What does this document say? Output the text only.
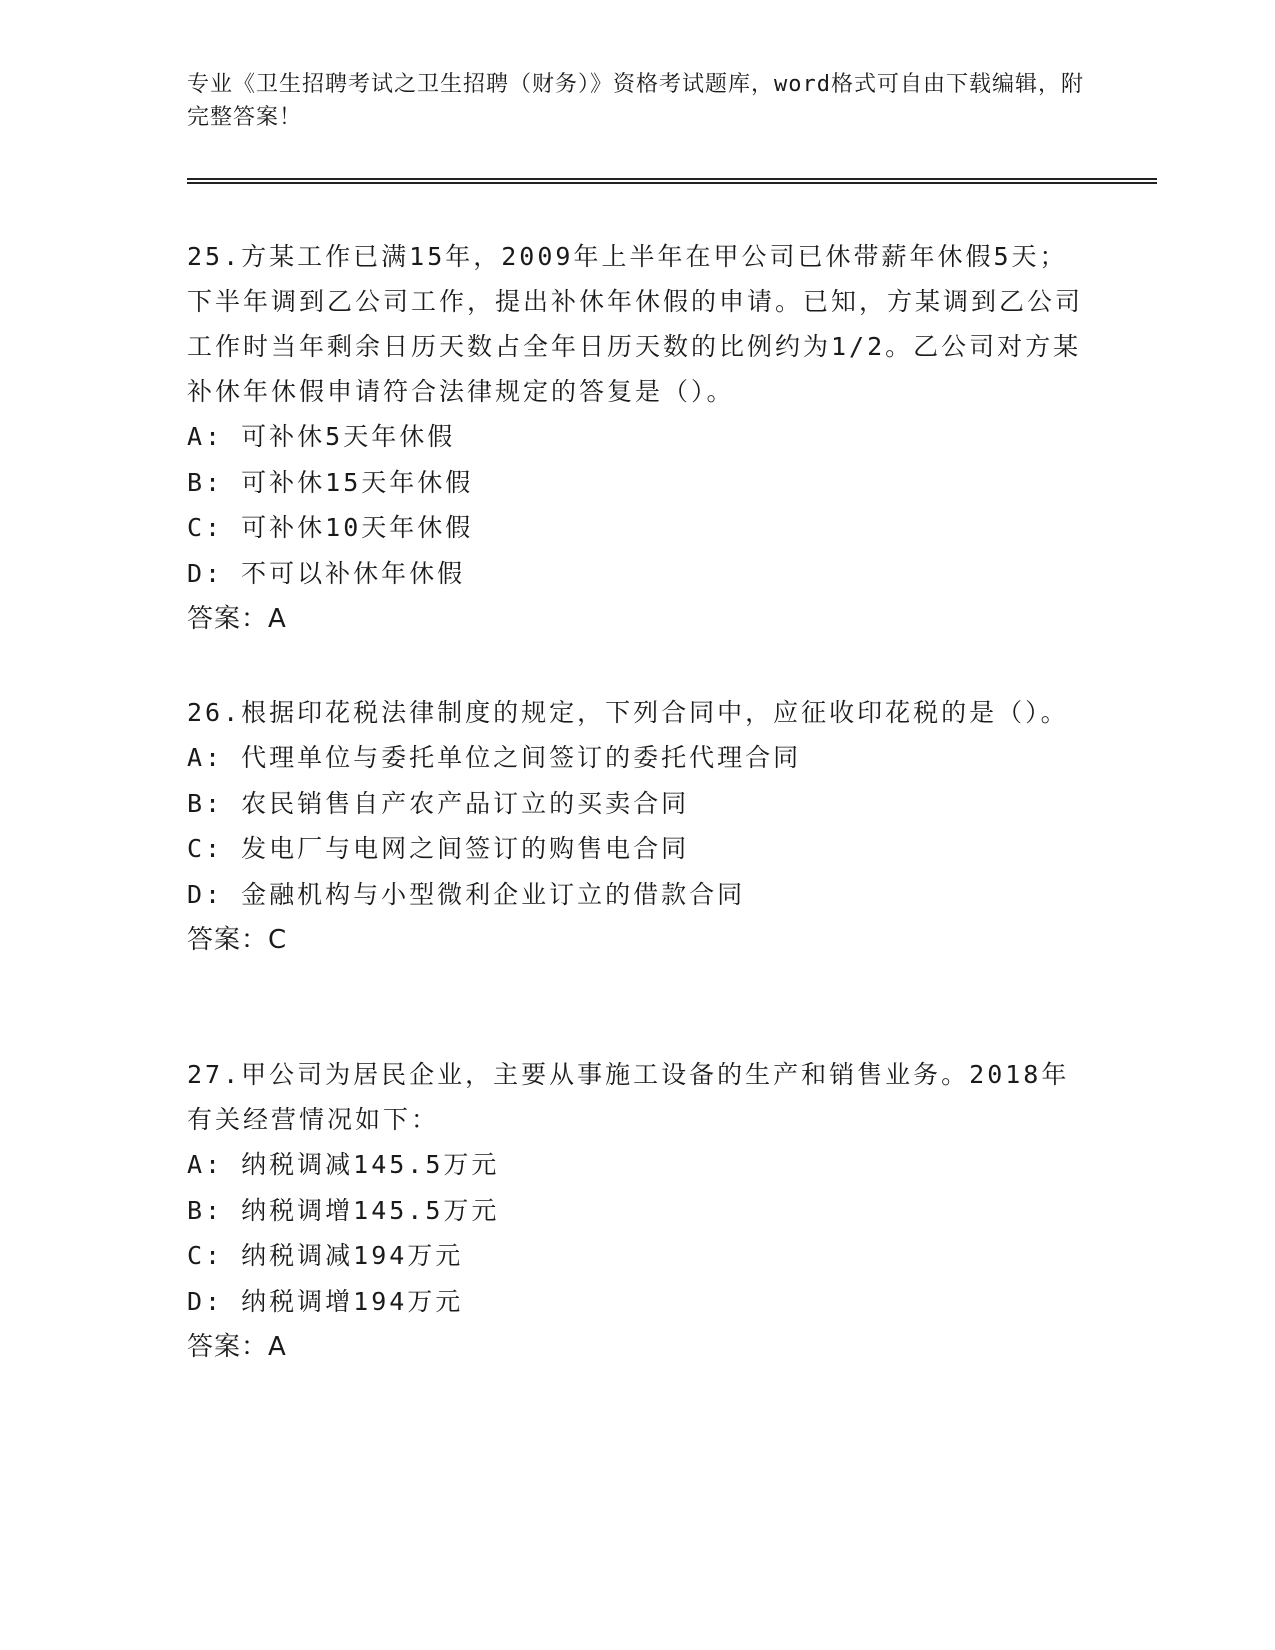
专业《卫生招聘考试之卫生招聘（财务）》资格考试题库，word格式可自由下载编辑，附完整答案！

25.方某工作已满15年，2009年上半年在甲公司已休带薪年休假5天；下半年调到乙公司工作，提出补休年休假的申请。已知，方某调到乙公司工作时当年剩余日历天数占全年日历天数的比例约为1/2。乙公司对方某补休年休假申请符合法律规定的答复是（）。

A: 可补休5天年休假
B: 可补休15天年休假
C: 可补休10天年休假
D: 不可以补休年休假
答案：A

26.根据印花税法律制度的规定，下列合同中，应征收印花税的是（）。

A: 代理单位与委托单位之间签订的委托代理合同
B: 农民销售自产农产品订立的买卖合同
C: 发电厂与电网之间签订的购售电合同
D: 金融机构与小型微利企业订立的借款合同
答案：C

27.甲公司为居民企业，主要从事施工设备的生产和销售业务。2018年有关经营情况如下：

A: 纳税调减145.5万元
B: 纳税调增145.5万元
C: 纳税调减194万元
D: 纳税调增194万元
答案：A
